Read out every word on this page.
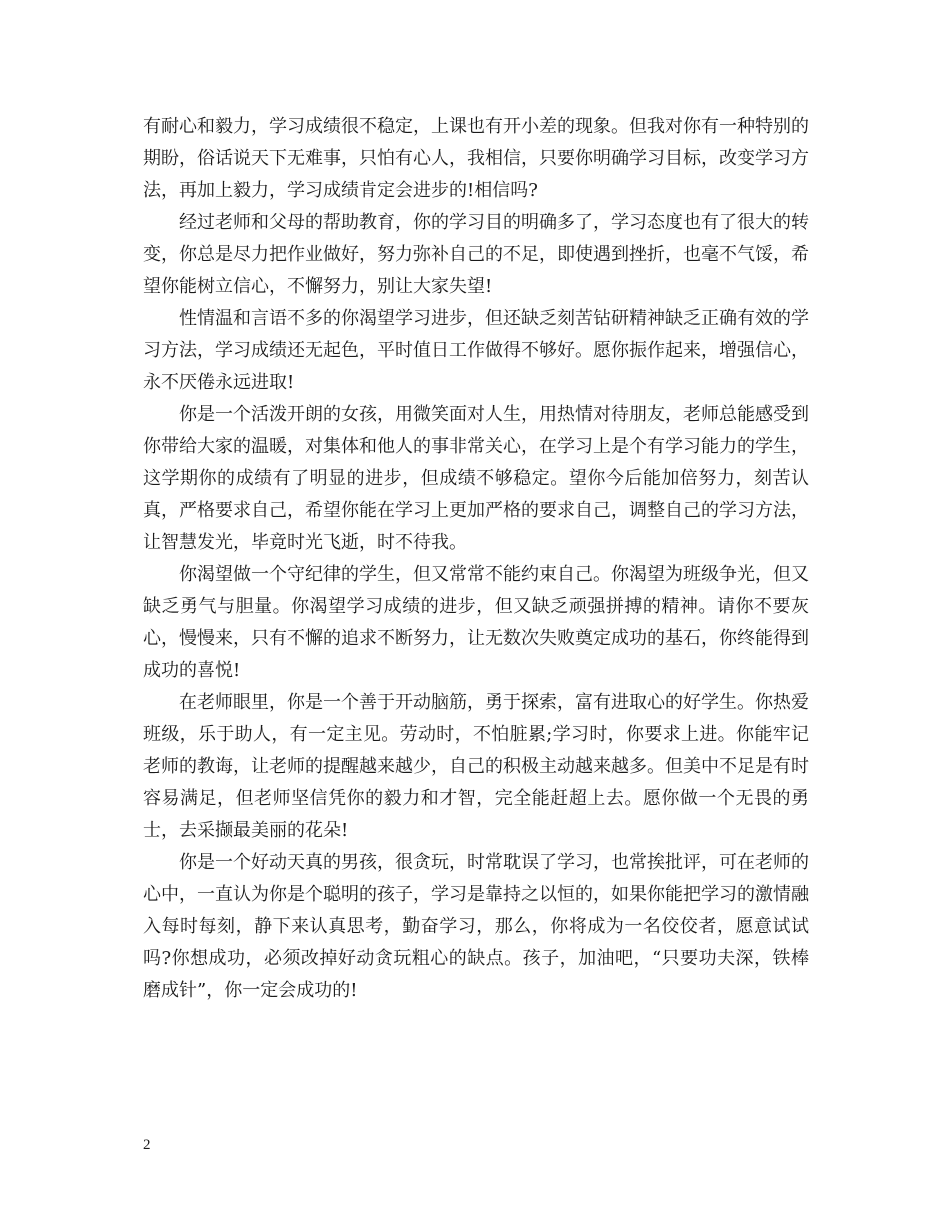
有耐心和毅力，学习成绩很不稳定，上课也有开小差的现象。但我对你有一种特别的期盼，俗话说天下无难事，只怕有心人，我相信，只要你明确学习目标，改变学习方法，再加上毅力，学习成绩肯定会进步的!相信吗?

经过老师和父母的帮助教育，你的学习目的明确多了，学习态度也有了很大的转变，你总是尽力把作业做好，努力弥补自己的不足，即使遇到挫折，也毫不气馁，希望你能树立信心，不懈努力，别让大家失望!

性情温和言语不多的你渴望学习进步，但还缺乏刻苦钻研精神缺乏正确有效的学习方法，学习成绩还无起色，平时值日工作做得不够好。愿你振作起来，增强信心，永不厌倦永远进取!

你是一个活泼开朗的女孩，用微笑面对人生，用热情对待朋友，老师总能感受到你带给大家的温暖，对集体和他人的事非常关心，在学习上是个有学习能力的学生，这学期你的成绩有了明显的进步，但成绩不够稳定。望你今后能加倍努力，刻苦认真，严格要求自己，希望你能在学习上更加严格的要求自己，调整自己的学习方法，让智慧发光，毕竟时光飞逝，时不待我。

你渴望做一个守纪律的学生，但又常常不能约束自己。你渴望为班级争光，但又缺乏勇气与胆量。你渴望学习成绩的进步，但又缺乏顽强拼搏的精神。请你不要灰心，慢慢来，只有不懈的追求不断努力，让无数次失败奠定成功的基石，你终能得到成功的喜悦!

在老师眼里，你是一个善于开动脑筋，勇于探索，富有进取心的好学生。你热爱班级，乐于助人，有一定主见。劳动时，不怕脏累;学习时，你要求上进。你能牢记老师的教诲，让老师的提醒越来越少，自己的积极主动越来越多。但美中不足是有时容易满足，但老师坚信凭你的毅力和才智，完全能赶超上去。愿你做一个无畏的勇士，去采撷最美丽的花朵!

你是一个好动天真的男孩，很贪玩，时常耽误了学习，也常挨批评，可在老师的心中，一直认为你是个聪明的孩子，学习是靠持之以恒的，如果你能把学习的激情融入每时每刻，静下来认真思考，勤奋学习，那么，你将成为一名佼佼者，愿意试试吗?你想成功，必须改掉好动贪玩粗心的缺点。孩子，加油吧，“只要功夫深，铁棒磨成针”，你一定会成功的!

2
